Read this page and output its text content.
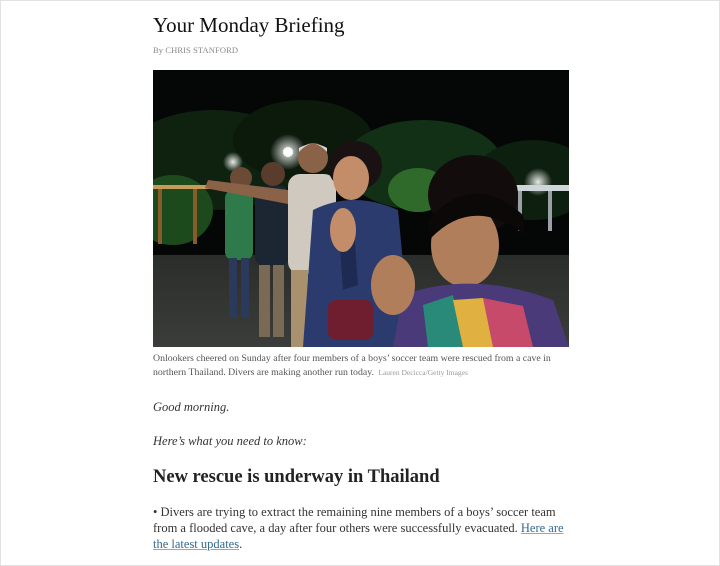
Your Monday Briefing
By CHRIS STANFORD
Onlookers cheered on Sunday after four members of a boys’ soccer team were rescued from a cave in northern Thailand. Divers are making another run today. Lauren Decicca/Getty Images
Good morning.
Here’s what you need to know:
New rescue is underway in Thailand

• Divers are trying to extract the remaining nine members of a boys’ soccer team from a flooded cave, a day after four others were successfully evacuated. Here are the latest updates.
